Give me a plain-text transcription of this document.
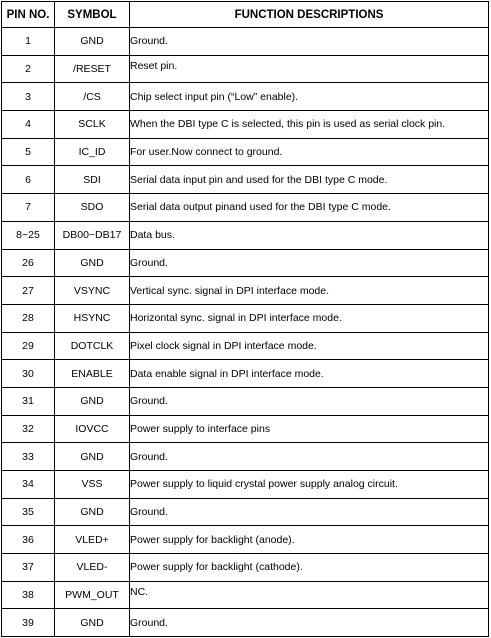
PIN NO.	SYMBOL	FUNCTION DESCRIPTIONS
1	GND	Ground.
2	/RESET	Reset pin.
3	/CS	Chip select input pin (“Low” enable).
4	SCLK	When the DBI type C is selected, this pin is used as serial clock pin.
5	IC_ID	For user.Now connect to ground.
6	SDI	Serial data input pin and used for the DBI type C mode.
7	SDO	Serial data output pinand used for the DBI type C mode.
8~25	DB00~DB17	Data bus.
26	GND	Ground.
27	VSYNC	Vertical sync. signal in DPI interface mode.
28	HSYNC	Horizontal sync. signal in DPI interface mode.
29	DOTCLK	Pixel clock signal in DPI interface mode.
30	ENABLE	Data enable signal in DPI interface mode.
31	GND	Ground.
32	IOVCC	Power supply to interface pins
33	GND	Ground.
34	VSS	Power supply to liquid crystal power supply analog circuit.
35	GND	Ground.
36	VLED+	Power supply for backlight (anode).
37	VLED-	Power supply for backlight (cathode).
38	PWM_OUT	NC.
39	GND	Ground.
